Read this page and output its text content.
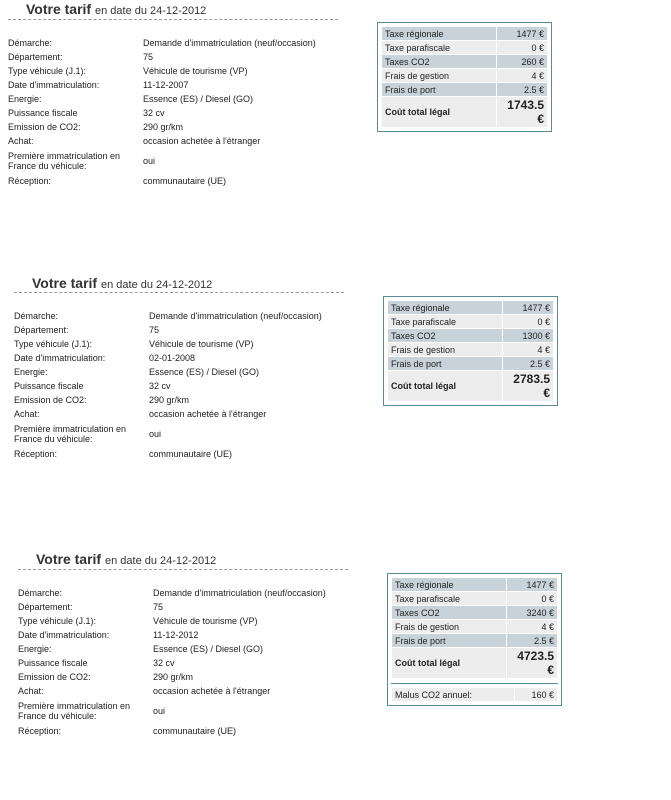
Votre tarif en date du 24-12-2012
Démarche:	Demande d'immatriculation (neuf/occasion)
Département:	75
Type véhicule (J.1):	Véhicule de tourisme (VP)
Date d'immatriculation:	11-12-2007
Energie:	Essence (ES) / Diesel (GO)
Puissance fiscale	32 cv
Emission de CO2:	290 gr/km
Achat:	occasion achetée à l'étranger
Première immatriculation en France du véhicule:	oui
Réception:	communautaire (UE)
Taxe régionale	1477 €
Taxe parafiscale	0 €
Taxes CO2	260 €
Frais de gestion	4 €
Frais de port	2.5 €
Coût total légal	1743.5 €
Votre tarif en date du 24-12-2012
Démarche:	Demande d'immatriculation (neuf/occasion)
Département:	75
Type véhicule (J.1):	Véhicule de tourisme (VP)
Date d'immatriculation:	02-01-2008
Energie:	Essence (ES) / Diesel (GO)
Puissance fiscale	32 cv
Emission de CO2:	290 gr/km
Achat:	occasion achetée à l'étranger
Première immatriculation en France du véhicule:	oui
Réception:	communautaire (UE)
Taxe régionale	1477 €
Taxe parafiscale	0 €
Taxes CO2	1300 €
Frais de gestion	4 €
Frais de port	2.5 €
Coût total légal	2783.5 €
Votre tarif en date du 24-12-2012
Démarche:	Demande d'immatriculation (neuf/occasion)
Département:	75
Type véhicule (J.1):	Véhicule de tourisme (VP)
Date d'immatriculation:	11-12-2012
Energie:	Essence (ES) / Diesel (GO)
Puissance fiscale	32 cv
Emission de CO2:	290 gr/km
Achat:	occasion achetée à l'étranger
Première immatriculation en France du véhicule:	oui
Réception:	communautaire (UE)
Taxe régionale	1477 €
Taxe parafiscale	0 €
Taxes CO2	3240 €
Frais de gestion	4 €
Frais de port	2.5 €
Coût total légal	4723.5 €
Malus CO2 annuel:	160 €
